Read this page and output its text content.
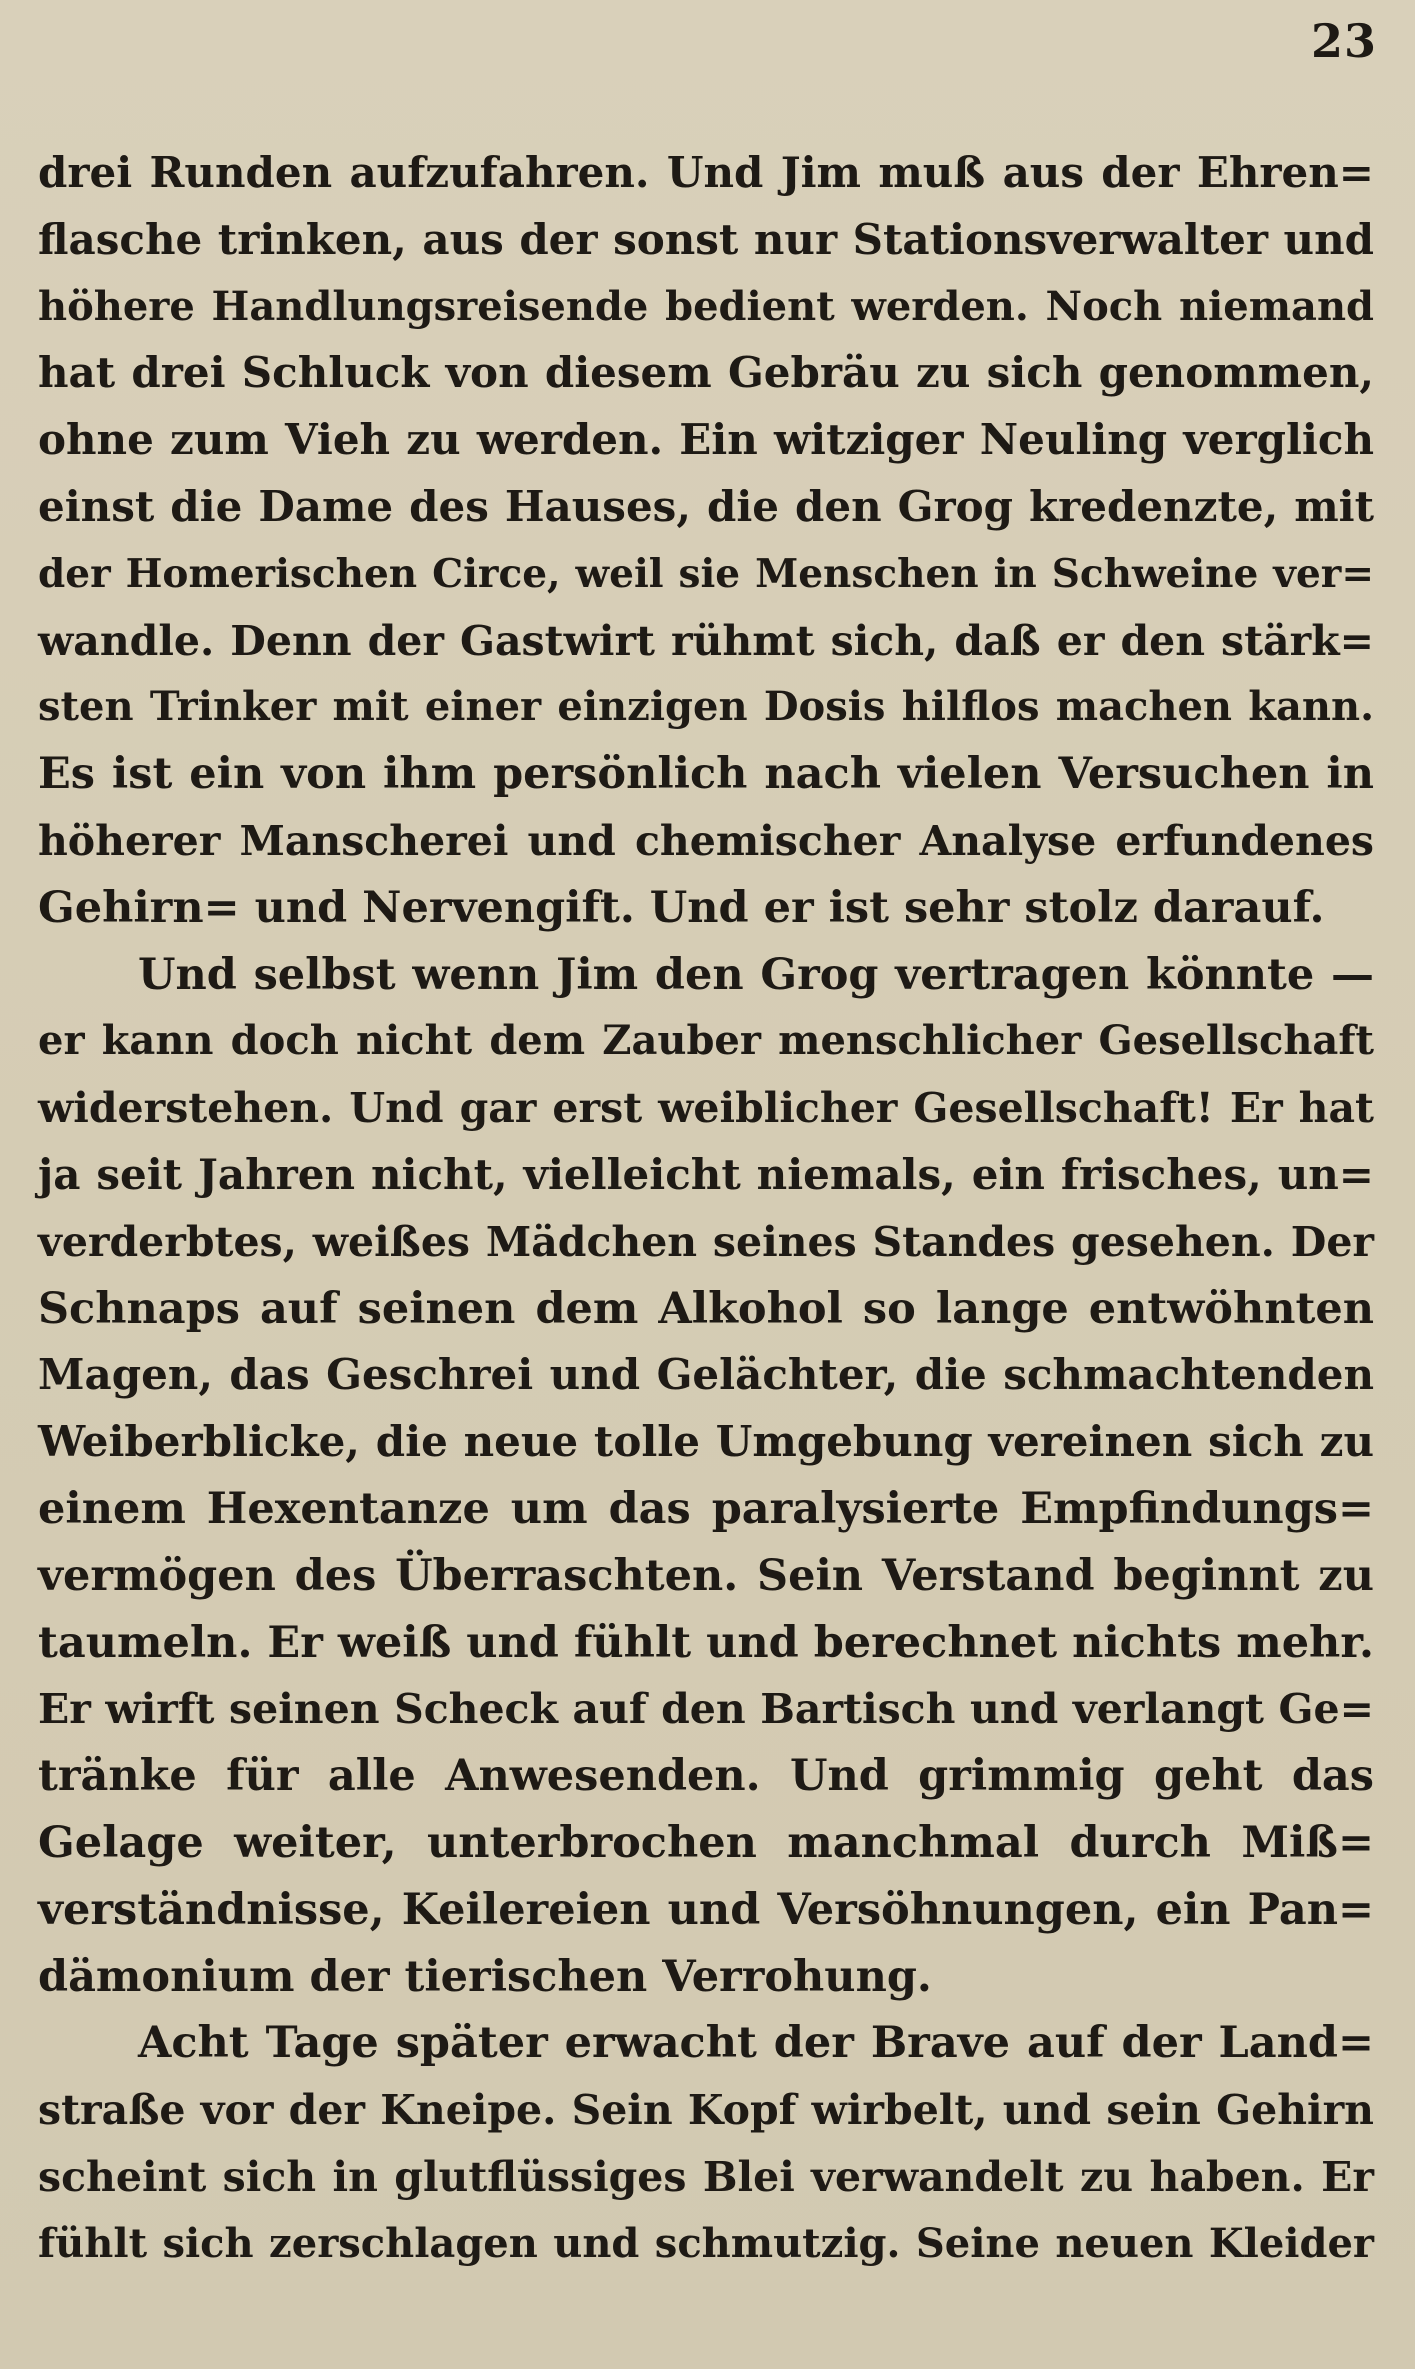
23
drei Runden aufzufahren. Und Jim muß aus der Ehren=
flasche trinken, aus der sonst nur Stationsverwalter und
höhere Handlungsreisende bedient werden. Noch niemand
hat drei Schluck von diesem Gebräu zu sich genommen,
ohne zum Vieh zu werden. Ein witziger Neuling verglich
einst die Dame des Hauses, die den Grog kredenzte, mit
der Homerischen Circe, weil sie Menschen in Schweine ver=
wandle. Denn der Gastwirt rühmt sich, daß er den stärk=
sten Trinker mit einer einzigen Dosis hilflos machen kann.
Es ist ein von ihm persönlich nach vielen Versuchen in
höherer Manscherei und chemischer Analyse erfundenes
Gehirn= und Nervengift. Und er ist sehr stolz darauf.
Und selbst wenn Jim den Grog vertragen könnte —
er kann doch nicht dem Zauber menschlicher Gesellschaft
widerstehen. Und gar erst weiblicher Gesellschaft! Er hat
ja seit Jahren nicht, vielleicht niemals, ein frisches, un=
verderbtes, weißes Mädchen seines Standes gesehen. Der
Schnaps auf seinen dem Alkohol so lange entwöhnten
Magen, das Geschrei und Gelächter, die schmachtenden
Weiberblicke, die neue tolle Umgebung vereinen sich zu
einem Hexentanze um das paralysierte Empfindungs=
vermögen des Überraschten. Sein Verstand beginnt zu
taumeln. Er weiß und fühlt und berechnet nichts mehr.
Er wirft seinen Scheck auf den Bartisch und verlangt Ge=
tränke für alle Anwesenden. Und grimmig geht das
Gelage weiter, unterbrochen manchmal durch Miß=
verständnisse, Keilereien und Versöhnungen, ein Pan=
dämonium der tierischen Verrohung.
Acht Tage später erwacht der Brave auf der Land=
straße vor der Kneipe. Sein Kopf wirbelt, und sein Gehirn
scheint sich in glutflüssiges Blei verwandelt zu haben. Er
fühlt sich zerschlagen und schmutzig. Seine neuen Kleider
